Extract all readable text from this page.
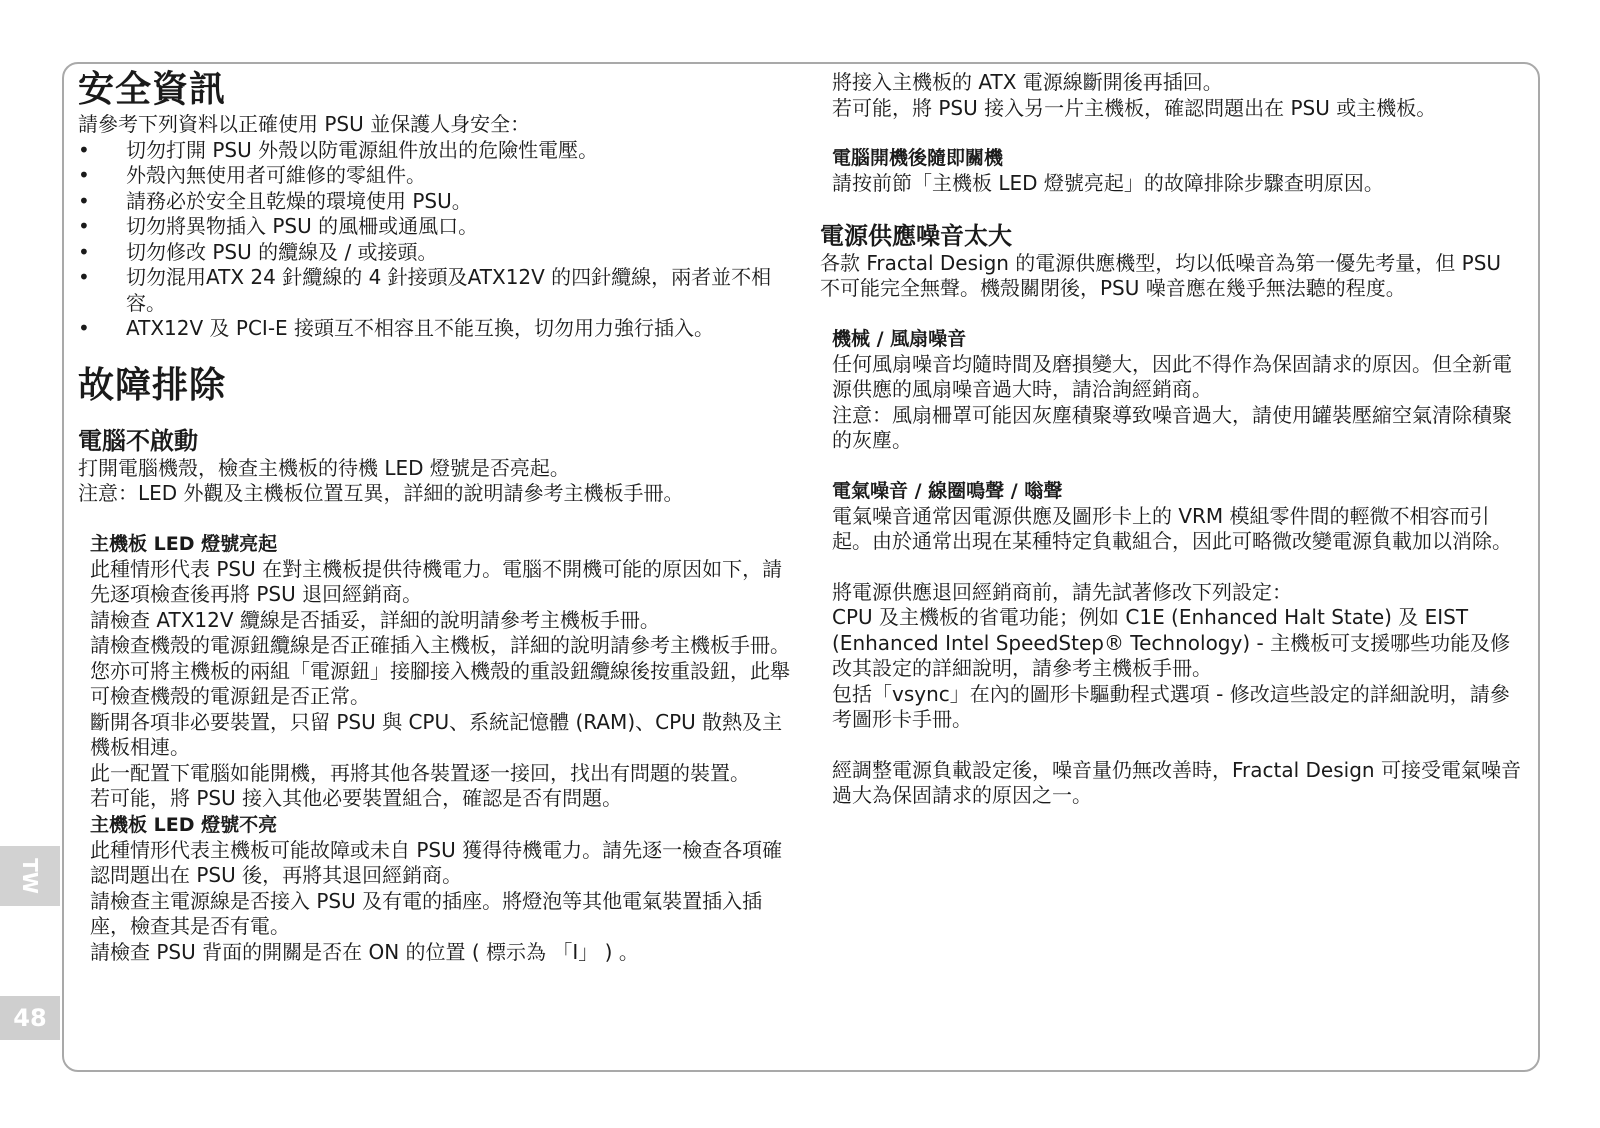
TW
48
安全資訊

請參考下列資料以正確使用 PSU 並保護人身安全：

• 切勿打開 PSU 外殼以防電源組件放出的危險性電壓。
• 外殼內無使用者可維修的零組件。
• 請務必於安全且乾燥的環境使用 PSU。
• 切勿將異物插入 PSU 的風柵或通風口。
• 切勿修改 PSU 的纜線及 / 或接頭。
• 切勿混用ATX 24 針纜線的 4 針接頭及ATX12V 的四針纜線，兩者並不相容。
• ATX12V 及 PCI-E 接頭互不相容且不能互換，切勿用力強行插入。
故障排除
電腦不啟動

打開電腦機殼，檢查主機板的待機 LED 燈號是否亮起。

注意：LED 外觀及主機板位置互異，詳細的說明請參考主機板手冊。

主機板 LED 燈號亮起

此種情形代表 PSU 在對主機板提供待機電力。電腦不開機可能的原因如下，請先逐項檢查後再將 PSU 退回經銷商。

請檢查 ATX12V 纜線是否插妥，詳細的說明請參考主機板手冊。

請檢查機殼的電源鈕纜線是否正確插入主機板，詳細的說明請參考主機板手冊。

您亦可將主機板的兩組「電源鈕」接腳接入機殼的重設鈕纜線後按重設鈕，此舉可檢查機殼的電源鈕是否正常。

斷開各項非必要裝置，只留 PSU 與 CPU、系統記憶體 (RAM)、CPU 散熱及主機板相連。

此一配置下電腦如能開機，再將其他各裝置逐一接回，找出有問題的裝置。

若可能，將 PSU 接入其他必要裝置組合，確認是否有問題。

主機板 LED 燈號不亮

此種情形代表主機板可能故障或未自 PSU 獲得待機電力。請先逐一檢查各項確認問題出在 PSU 後，再將其退回經銷商。

請檢查主電源線是否接入 PSU 及有電的插座。將燈泡等其他電氣裝置插入插座，檢查其是否有電。

請檢查 PSU 背面的開關是否在 ON 的位置 ( 標示為 「I」 ) 。

將接入主機板的 ATX 電源線斷開後再插回。

若可能，將 PSU 接入另一片主機板，確認問題出在 PSU 或主機板。

電腦開機後隨即關機

請按前節「主機板 LED 燈號亮起」的故障排除步驟查明原因。

電源供應噪音太大

各款 Fractal Design 的電源供應機型，均以低噪音為第一優先考量，但 PSU 不可能完全無聲。機殼關閉後，PSU 噪音應在幾乎無法聽的程度。

機械 / 風扇噪音

任何風扇噪音均隨時間及磨損變大，因此不得作為保固請求的原因。但全新電源供應的風扇噪音過大時，請洽詢經銷商。

注意：風扇柵罩可能因灰塵積聚導致噪音過大，請使用罐裝壓縮空氣清除積聚的灰塵。

電氣噪音 / 線圈鳴聲 / 嗡聲

電氣噪音通常因電源供應及圖形卡上的 VRM 模組零件間的輕微不相容而引起。由於通常出現在某種特定負載組合，因此可略微改變電源負載加以消除。

將電源供應退回經銷商前，請先試著修改下列設定：

CPU 及主機板的省電功能；例如 C1E (Enhanced Halt State) 及 EIST (Enhanced Intel SpeedStep® Technology) - 主機板可支援哪些功能及修改其設定的詳細說明，請參考主機板手冊。

包括「vsync」在內的圖形卡驅動程式選項 - 修改這些設定的詳細說明，請參考圖形卡手冊。

經調整電源負載設定後，噪音量仍無改善時，Fractal Design 可接受電氣噪音過大為保固請求的原因之一。
